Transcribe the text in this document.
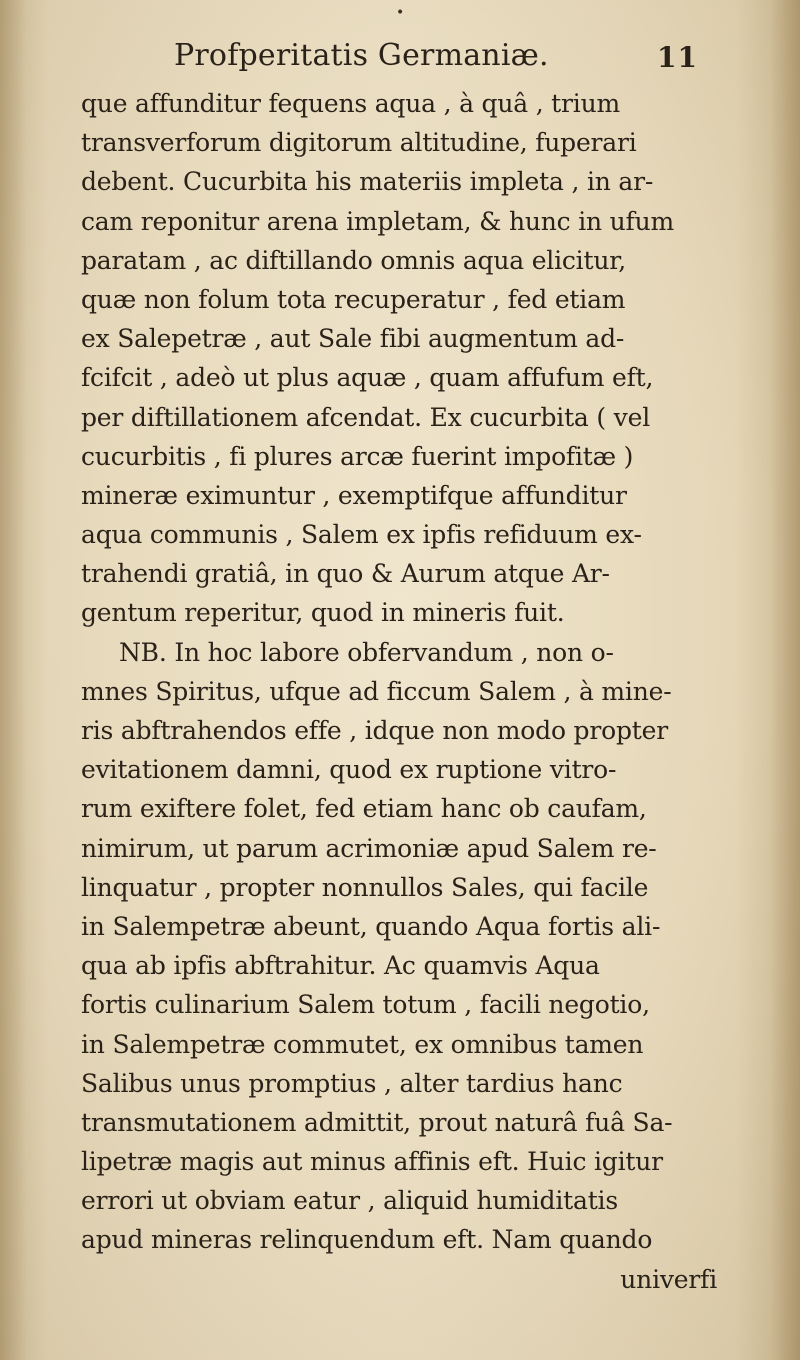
•
Profperitatis Germaniæ.	11
que affunditur fequens aqua , à quâ , trium
transverforum digitorum altitudine, fuperari
debent. Cucurbita his materiis impleta , in ar-
cam reponitur arena impletam, & hunc in ufum
paratam , ac diftillando omnis aqua elicitur,
quæ non folum tota recuperatur , fed etiam
ex Salepetræ , aut Sale fibi augmentum ad-
fcifcit , adeò ut plus aquæ , quam affufum eft,
per diftillationem afcendat. Ex cucurbita ( vel
cucurbitis , fi plures arcæ fuerint impofitæ )
mineræ eximuntur , exemptifque affunditur
aqua communis , Salem ex ipfis refiduum ex-
trahendi gratiâ, in quo & Aurum atque Ar-
gentum reperitur, quod in mineris fuit.
NB. In hoc labore obfervandum , non o-
mnes Spiritus, ufque ad ficcum Salem , à mine-
ris abftrahendos effe , idque non modo propter
evitationem damni, quod ex ruptione vitro-
rum exiftere folet, fed etiam hanc ob caufam,
nimirum, ut parum acrimoniæ apud Salem re-
linquatur , propter nonnullos Sales, qui facile
in Salempetræ abeunt, quando Aqua fortis ali-
qua ab ipfis abftrahitur. Ac quamvis Aqua
fortis culinarium Salem totum , facili negotio,
in Salempetræ commutet, ex omnibus tamen
Salibus unus promptius , alter tardius hanc
transmutationem admittit, prout naturâ fuâ Sa-
lipetræ magis aut minus affinis eft. Huic igitur
errori ut obviam eatur , aliquid humiditatis
apud mineras relinquendum eft. Nam quando
univerfi
